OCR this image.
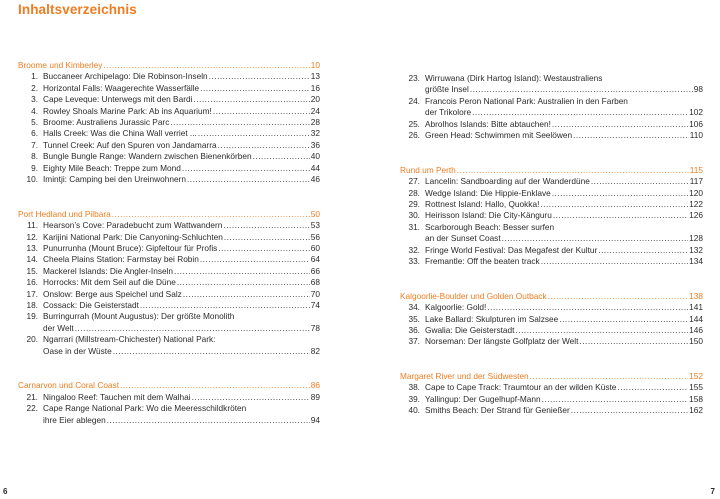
Inhaltsverzeichnis
Broome und Kimberley .....	10
1. Buccaneer Archipelago: Die Robinson-Inseln .....	13
2. Horizontal Falls: Waagerechte Wasserfälle .....	16
3. Cape Leveque: Unterwegs mit den Bardi .....	20
4. Rowley Shoals Marine Park: Ab ins Aquarium! .....	24
5. Broome: Australiens Jurassic Parc .....	28
6. Halls Creek: Was die China Wall verriet ... .....	32
7. Tunnel Creek: Auf den Spuren von Jandamarra .....	36
8. Bungle Bungle Range: Wandern zwischen Bienenkörben .....	40
9. Eighty Mile Beach: Treppe zum Mond .....	44
10. Imintji: Camping bei den Ureinwohnern .....	46
Port Hedland und Pilbara .....	50
11. Hearson’s Cove: Paradebucht zum Wattwandern .....	53
12. Karijini National Park: Die Canyoning-Schluchten .....	56
13. Punurrunha (Mount Bruce): Gipfeltour für Profis .....	60
14. Cheela Plains Station: Farmstay bei Robin .....	64
15. Mackerel Islands: Die Angler-Inseln .....	66
16. Horrocks: Mit dem Seil auf die Düne .....	68
17. Onslow: Berge aus Speichel und Salz .....	70
18. Cossack: Die Geisterstadt .....	74
19. Burringurrah (Mount Augustus): Der größte Monolith
der Welt .....	78
20. Ngarrari (Millstream-Chichester) National Park:
Oase in der Wüste .....	82
Carnarvon und Coral Coast .....	86
21. Ningaloo Reef: Tauchen mit dem Walhai .....	89
22. Cape Range National Park: Wo die Meeresschildkröten
ihre Eier ablegen .....	94
23. Wirruwana (Dirk Hartog Island): Westaustraliens
größte Insel .....	98
24. Francois Peron National Park: Australien in den Farben
der Trikolore .....	102
25. Abrolhos Islands: Bitte abtauchen! .....	106
26. Green Head: Schwimmen mit Seelöwen .....	110
Rund um Perth .....	115
27. Lancelin: Sandboarding auf der Wanderdüne .....	117
28. Wedge Island: Die Hippie-Enklave .....	120
29. Rottnest Island: Hallo, Quokka! .....	122
30. Heirisson Island: Die City-Känguru .....	126
31. Scarborough Beach: Besser surfen
an der Sunset Coast .....	128
32. Fringe World Festival: Das Megafest der Kultur .....	132
33. Fremantle: Off the beaten track .....	134
Kalgoorlie-Boulder und Golden Outback .....	138
34. Kalgoorlie: Gold! .....	141
35. Lake Ballard: Skulpturen im Salzsee .....	144
36. Gwalia: Die Geisterstadt .....	146
37. Norseman: Der längste Golfplatz der Welt .....	150
Margaret River und der Südwesten .....	152
38. Cape to Cape Track: Traumtour an der wilden Küste .....	155
39. Yallingup: Der Gugelhupf-Mann .....	158
40. Smiths Beach: Der Strand für Genießer .....	162
6	7
